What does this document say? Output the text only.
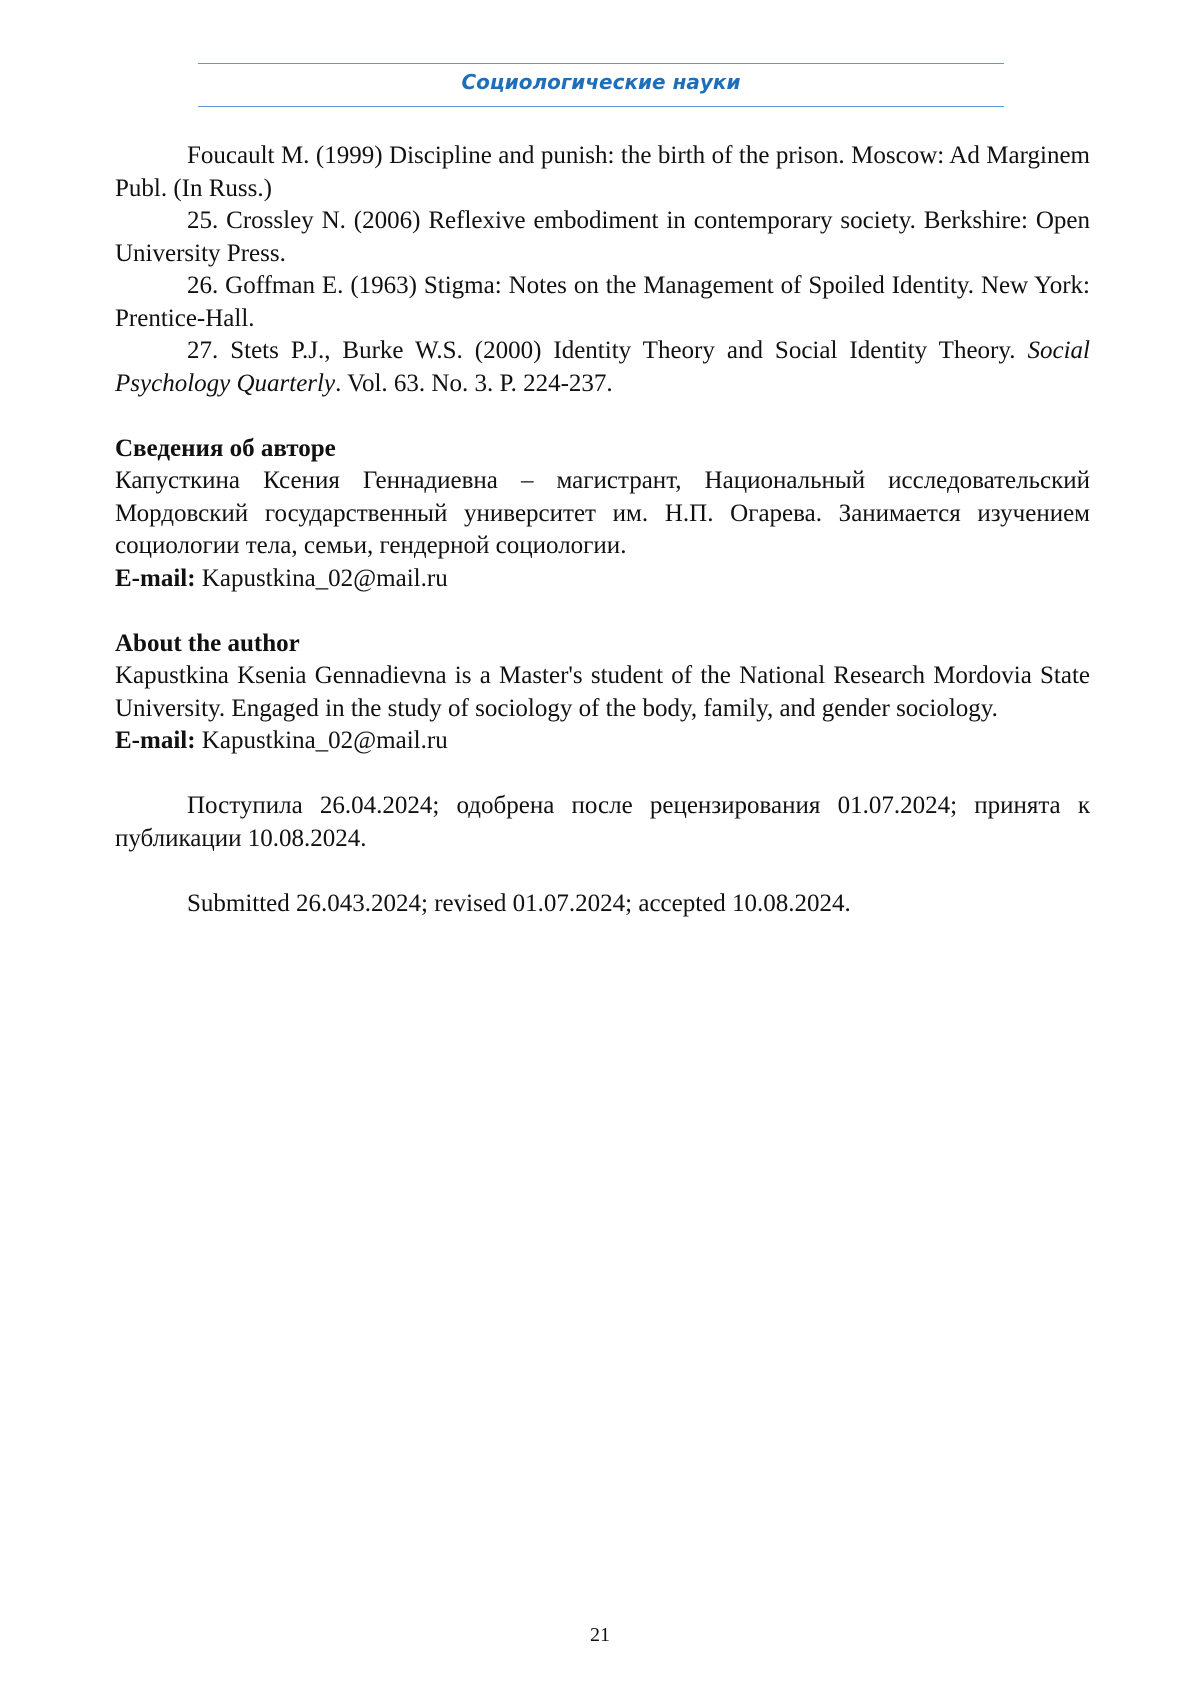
Социологические науки

Foucault M. (1999) Discipline and punish: the birth of the prison. Moscow: Ad Marginem Publ. (In Russ.)

25. Crossley N. (2006) Reflexive embodiment in contemporary society. Berkshire: Open University Press.

26. Goffman E. (1963) Stigma: Notes on the Management of Spoiled Identity. New York: Prentice-Hall.

27. Stets P.J., Burke W.S. (2000) Identity Theory and Social Identity Theory. Social Psychology Quarterly. Vol. 63. No. 3. P. 224-237.

Сведения об авторе

Капусткина Ксения Геннадиевна – магистрант, Национальный исследовательский Мордовский государственный университет им. Н.П. Огарева. Занимается изучением социологии тела, семьи, гендерной социологии.

E-mail: Kapustkina_02@mail.ru

About the author

Kapustkina Ksenia Gennadievna is a Master's student of the National Research Mordovia State University. Engaged in the study of sociology of the body, family, and gender sociology.

E-mail: Kapustkina_02@mail.ru

Поступила 26.04.2024; одобрена после рецензирования 01.07.2024; принята к публикации 10.08.2024.

Submitted 26.043.2024; revised 01.07.2024; accepted 10.08.2024.

21
